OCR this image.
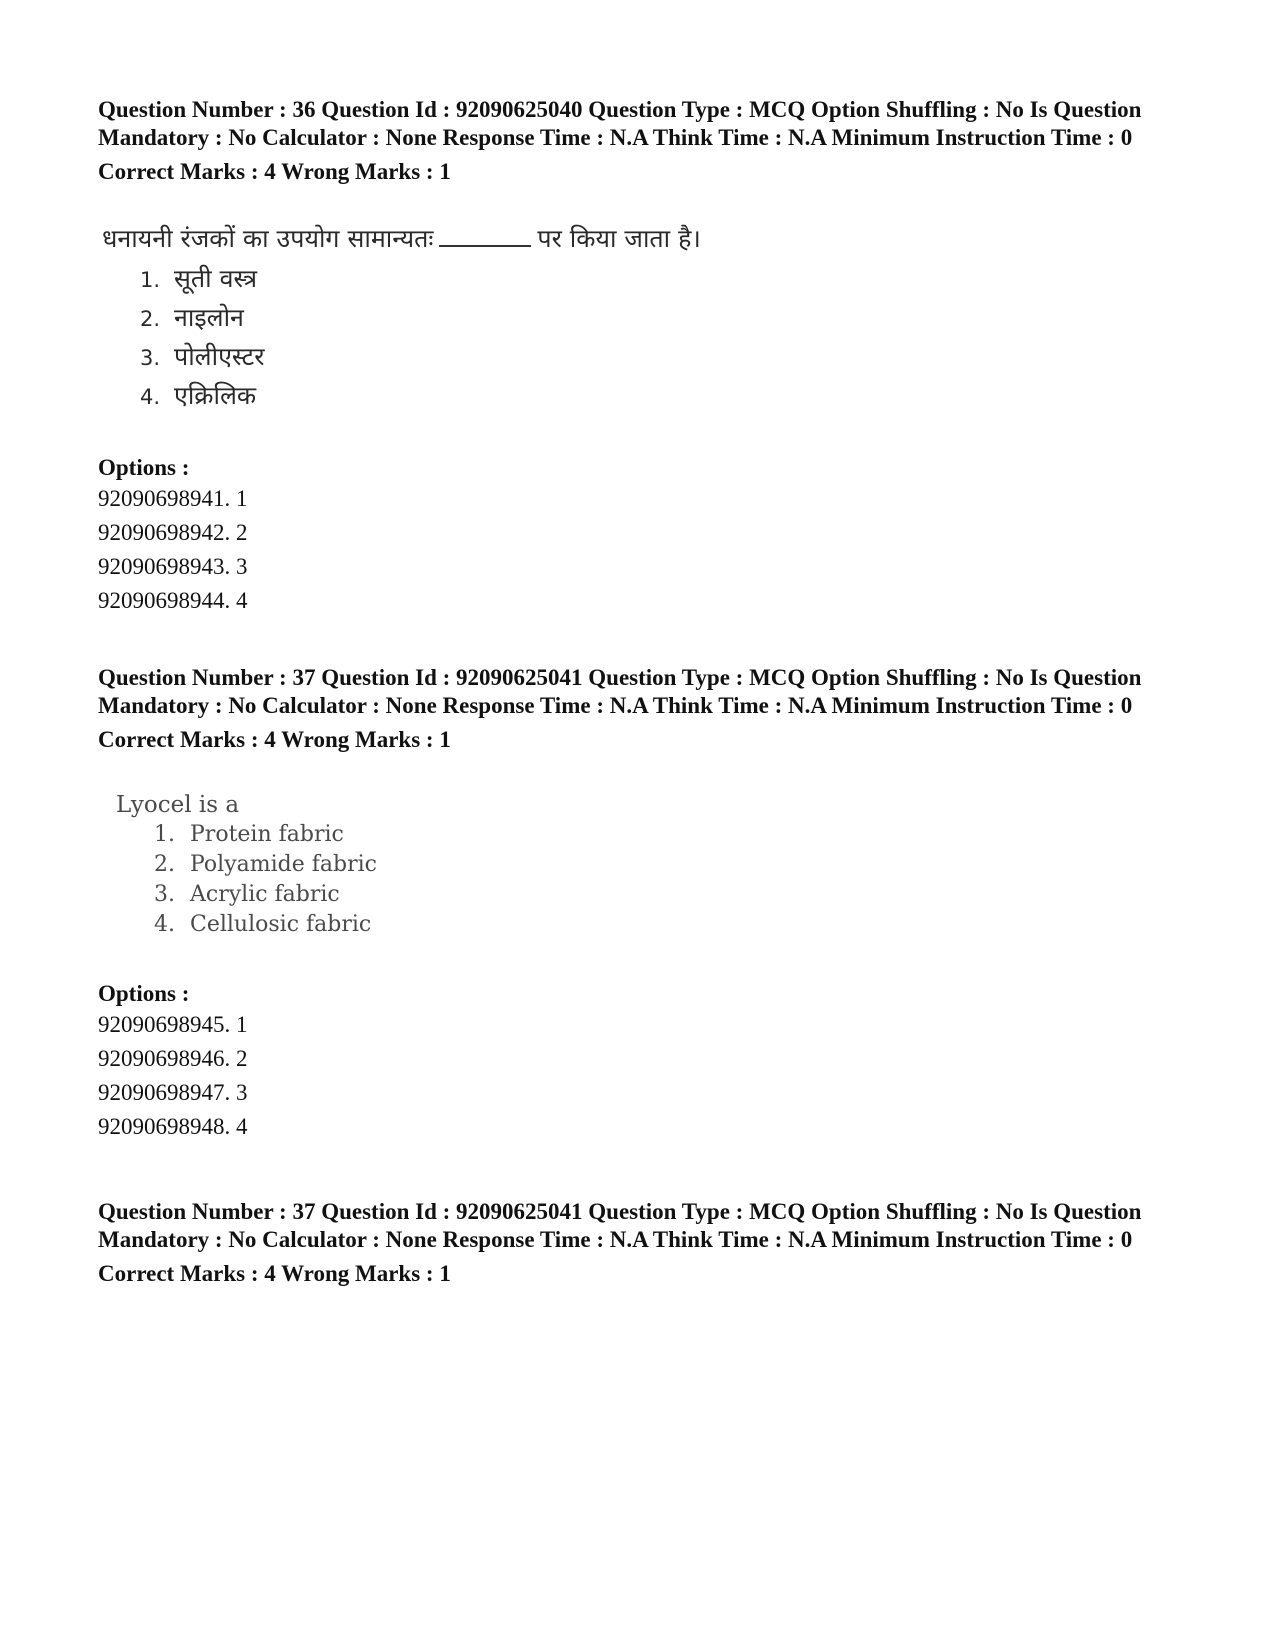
Question Number : 36 Question Id : 92090625040 Question Type : MCQ Option Shuffling : No Is Question Mandatory : No Calculator : None Response Time : N.A Think Time : N.A Minimum Instruction Time : 0

Correct Marks : 4 Wrong Marks : 1

धनायनी रंजकों का उपयोग सामान्यतः	पर किया जाता है।
1. सूती वस्त्र
2. नाइलोन
3. पोलीएस्टर
4. एक्रिलिक
Options :
92090698941. 1
92090698942. 2
92090698943. 3
92090698944. 4

Question Number : 37 Question Id : 92090625041 Question Type : MCQ Option Shuffling : No Is Question Mandatory : No Calculator : None Response Time : N.A Think Time : N.A Minimum Instruction Time : 0

Correct Marks : 4 Wrong Marks : 1

Lyocel is a
1. Protein fabric
2. Polyamide fabric
3. Acrylic fabric
4. Cellulosic fabric
Options :
92090698945. 1
92090698946. 2
92090698947. 3
92090698948. 4

Question Number : 37 Question Id : 92090625041 Question Type : MCQ Option Shuffling : No Is Question Mandatory : No Calculator : None Response Time : N.A Think Time : N.A Minimum Instruction Time : 0

Correct Marks : 4 Wrong Marks : 1
